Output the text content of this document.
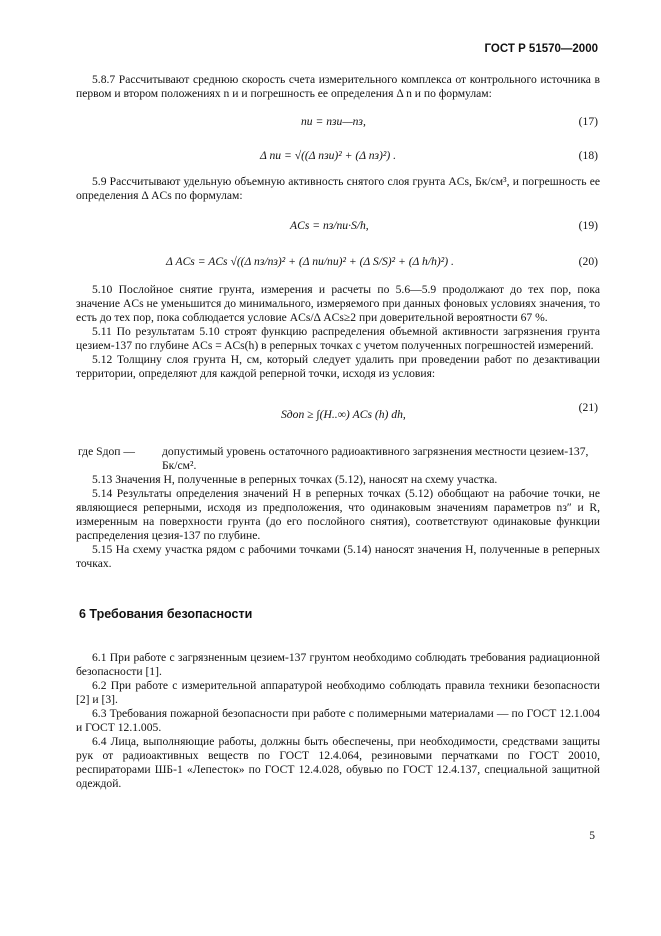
ГОСТ Р 51570—2000

5.8.7 Рассчитывают среднюю скорость счета измерительного комплекса от контрольного источника в первом и втором положениях n и и погрешность ее определения Δ n и по формулам:

nи = nзи—nз,	(17)
Δ nи = √((Δ nзи)² + (Δ nз)²) .	(18)

5.9 Рассчитывают удельную объемную активность снятого слоя грунта ACs, Бк/см³, и погрешность ее определения Δ ACs по формулам:

ACs = nз/nи·S/h,	(19)
Δ ACs = ACs √((Δ nз/nз)² + (Δ nи/nи)² + (Δ S/S)² + (Δ h/h)²) .	(20)

5.10 Послойное снятие грунта, измерения и расчеты по 5.6—5.9 продолжают до тех пор, пока значение ACs не уменьшится до минимального, измеряемого при данных фоновых условиях значения, то есть до тех пор, пока соблюдается условие ACs/Δ ACs≥2 при доверительной вероятности 67 %.

5.11 По результатам 5.10 строят функцию распределения объемной активности загрязнения грунта цезием-137 по глубине ACs = ACs(h) в реперных точках с учетом полученных погрешностей измерений.

5.12 Толщину слоя грунта H, см, который следует удалить при проведении работ по дезактивации территории, определяют для каждой реперной точки, исходя из условия:

Sдоп ≥ ∫(H..∞) ACs (h) dh,
(21)
где Sдоп —	допустимый уровень остаточного радиоактивного загрязнения местности цезием-137, Бк/см².

5.13 Значения H, полученные в реперных точках (5.12), наносят на схему участка.

5.14 Результаты определения значений H в реперных точках (5.12) обобщают на рабочие точки, не являющиеся реперными, исходя из предположения, что одинаковым значениям параметров nз″ и R, измеренным на поверхности грунта (до его послойного снятия), соответствуют одинаковые функции распределения цезия-137 по глубине.

5.15 На схему участка рядом с рабочими точками (5.14) наносят значения H, полученные в реперных точках.

6 Требования безопасности

6.1 При работе с загрязненным цезием-137 грунтом необходимо соблюдать требования радиационной безопасности [1].

6.2 При работе с измерительной аппаратурой необходимо соблюдать правила техники безопасности [2] и [3].

6.3 Требования пожарной безопасности при работе с полимерными материалами — по ГОСТ 12.1.004 и ГОСТ 12.1.005.

6.4 Лица, выполняющие работы, должны быть обеспечены, при необходимости, средствами защиты рук от радиоактивных веществ по ГОСТ 12.4.064, резиновыми перчатками по ГОСТ 20010, респираторами ШБ-1 «Лепесток» по ГОСТ 12.4.028, обувью по ГОСТ 12.4.137, специальной защитной одеждой.

5
